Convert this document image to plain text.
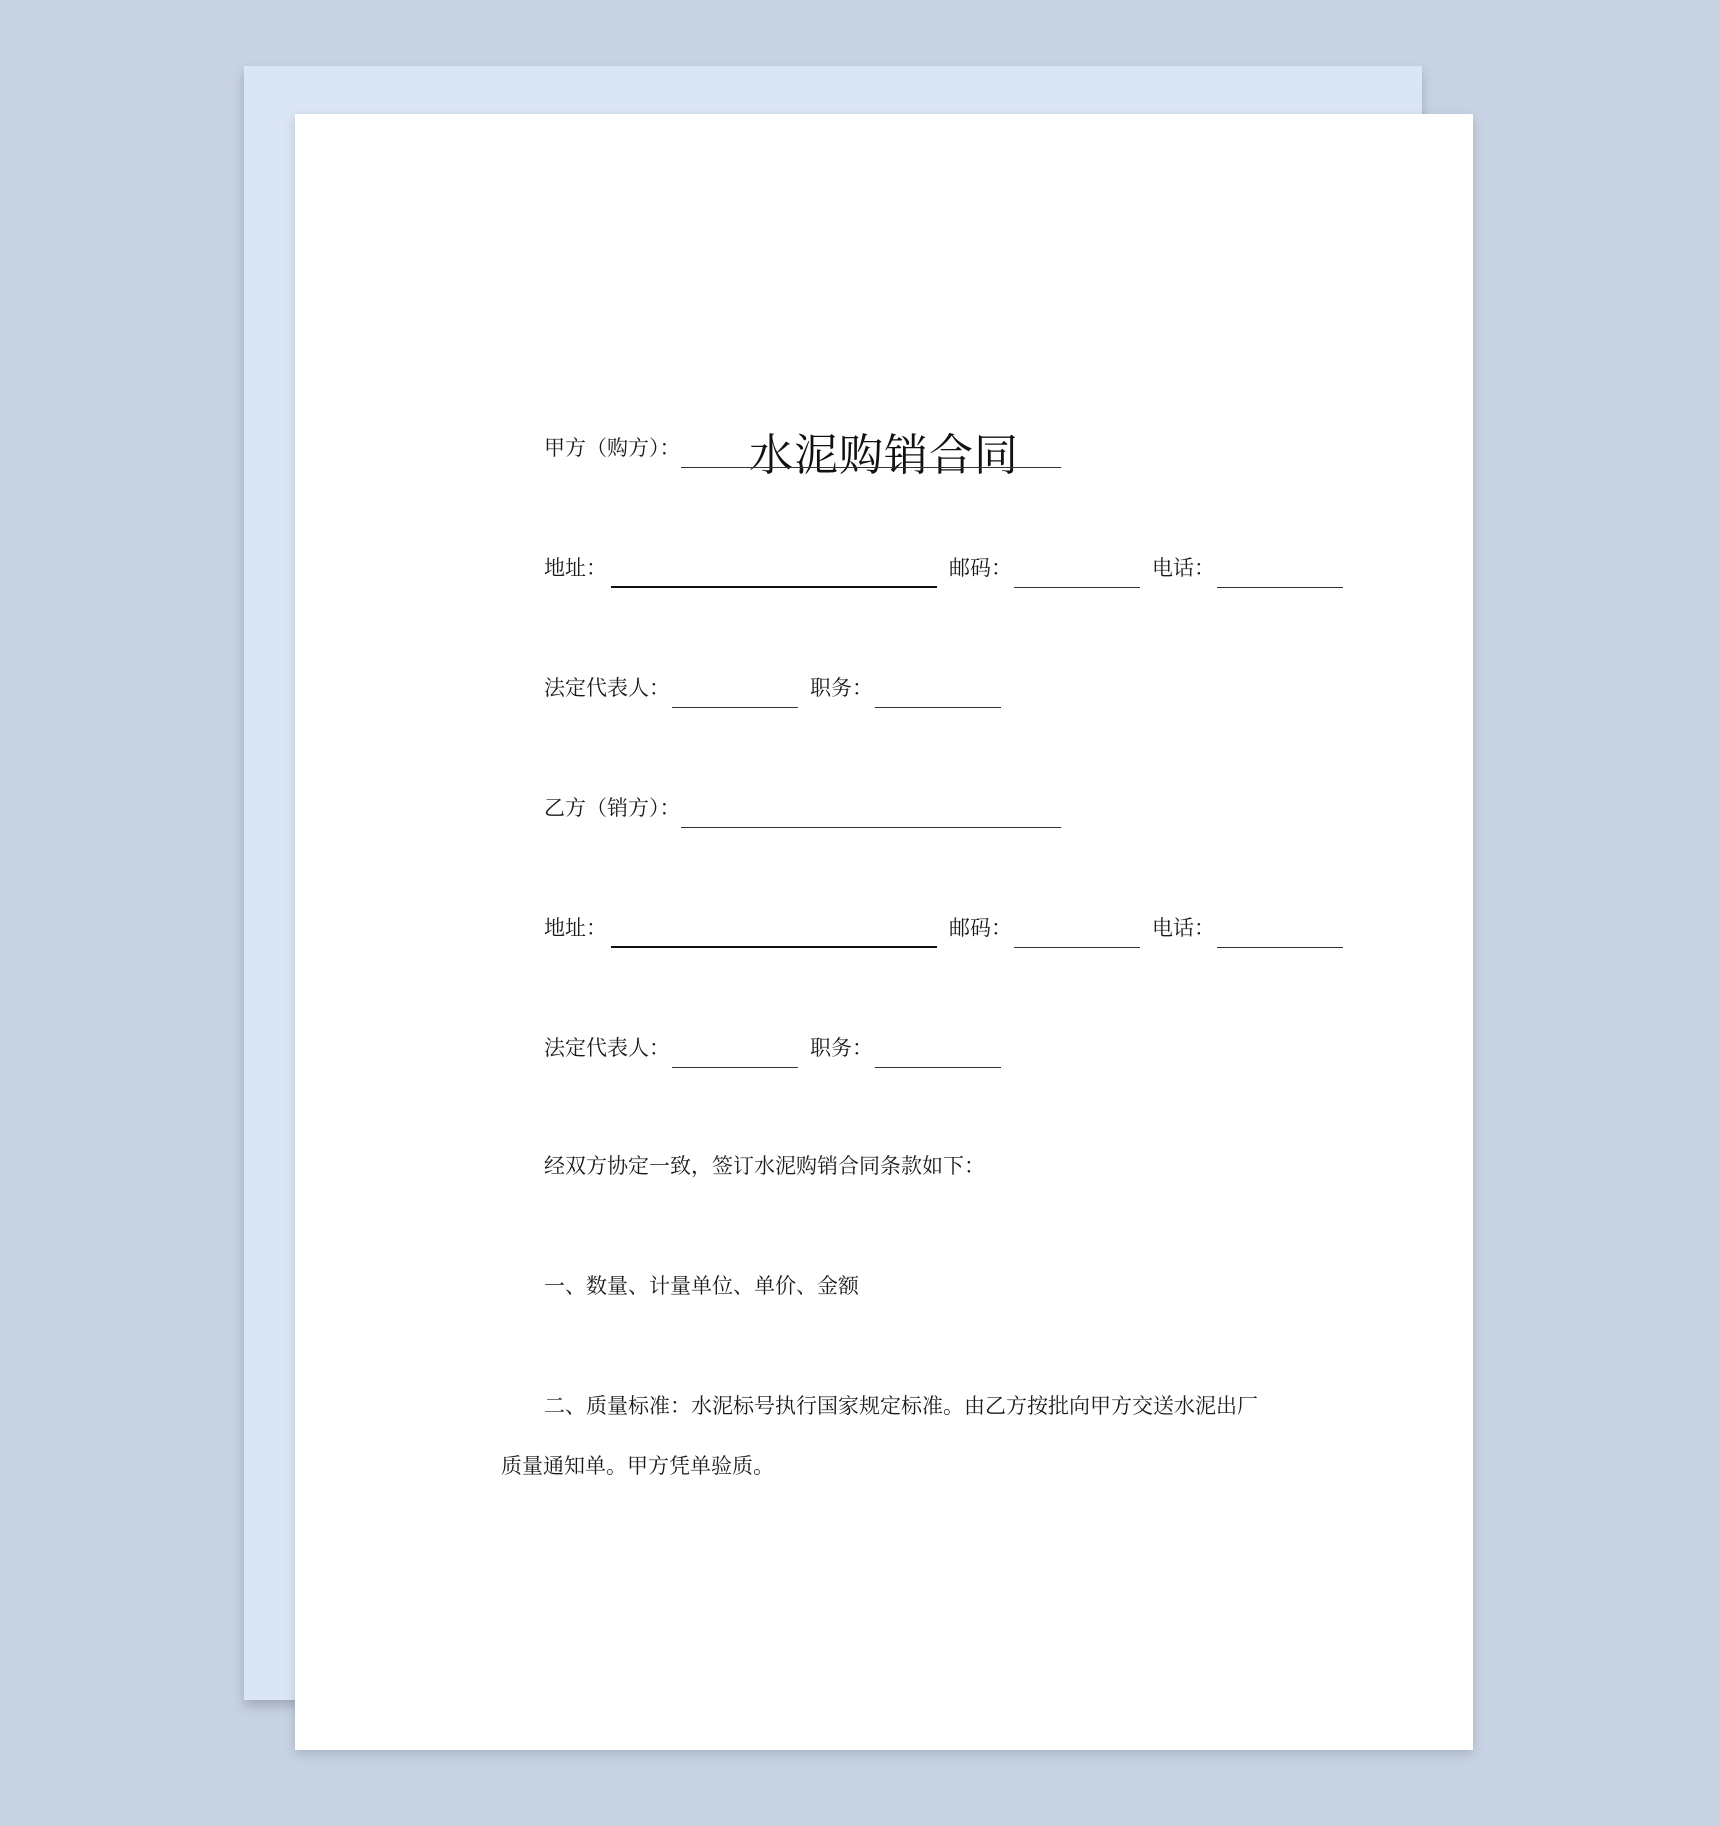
水泥购销合同
甲方（购方）：
地址：	邮码：	电话：
法定代表人：	职务：
乙方（销方）：
地址：	邮码：	电话：
法定代表人：	职务：
经双方协定一致，签订水泥购销合同条款如下：
一、数量、计量单位、单价、金额
二、质量标准：水泥标号执行国家规定标准。由乙方按批向甲方交送水泥出厂
质量通知单。甲方凭单验质。
